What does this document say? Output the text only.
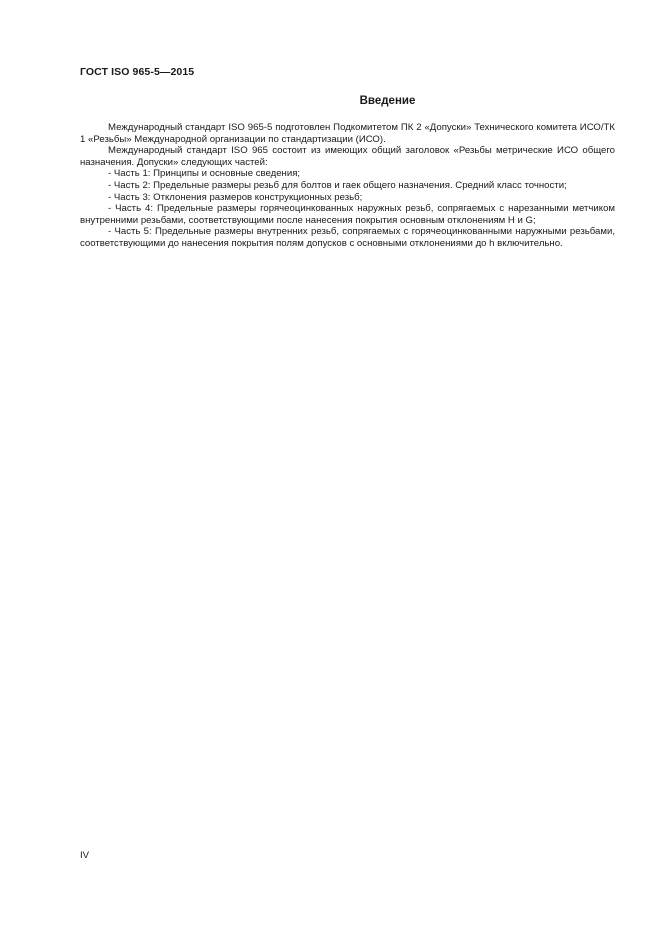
ГОСТ ISO 965-5—2015
Введение

Международный стандарт ISO 965-5 подготовлен Подкомитетом ПК 2 «Допуски» Технического комитета ИСО/ТК 1 «Резьбы» Международной организации по стандартизации (ИСО).

Международный стандарт ISO 965 состоит из имеющих общий заголовок «Резьбы метрические ИСО общего назначения. Допуски» следующих частей:

- Часть 1: Принципы и основные сведения;

- Часть 2: Предельные размеры резьб для болтов и гаек общего назначения. Средний класс точности;

- Часть 3: Отклонения размеров конструкционных резьб;

- Часть 4: Предельные размеры горячеоцинкованных наружных резьб, сопрягаемых с нарезанными метчиком внутренними резьбами, соответствующими после нанесения покрытия основным отклонениям H и G;

- Часть 5: Предельные размеры внутренних резьб, сопрягаемых с горячеоцинкованными наружными резьбами, соответствующими до нанесения покрытия полям допусков с основными отклонениями до h включительно.

IV
